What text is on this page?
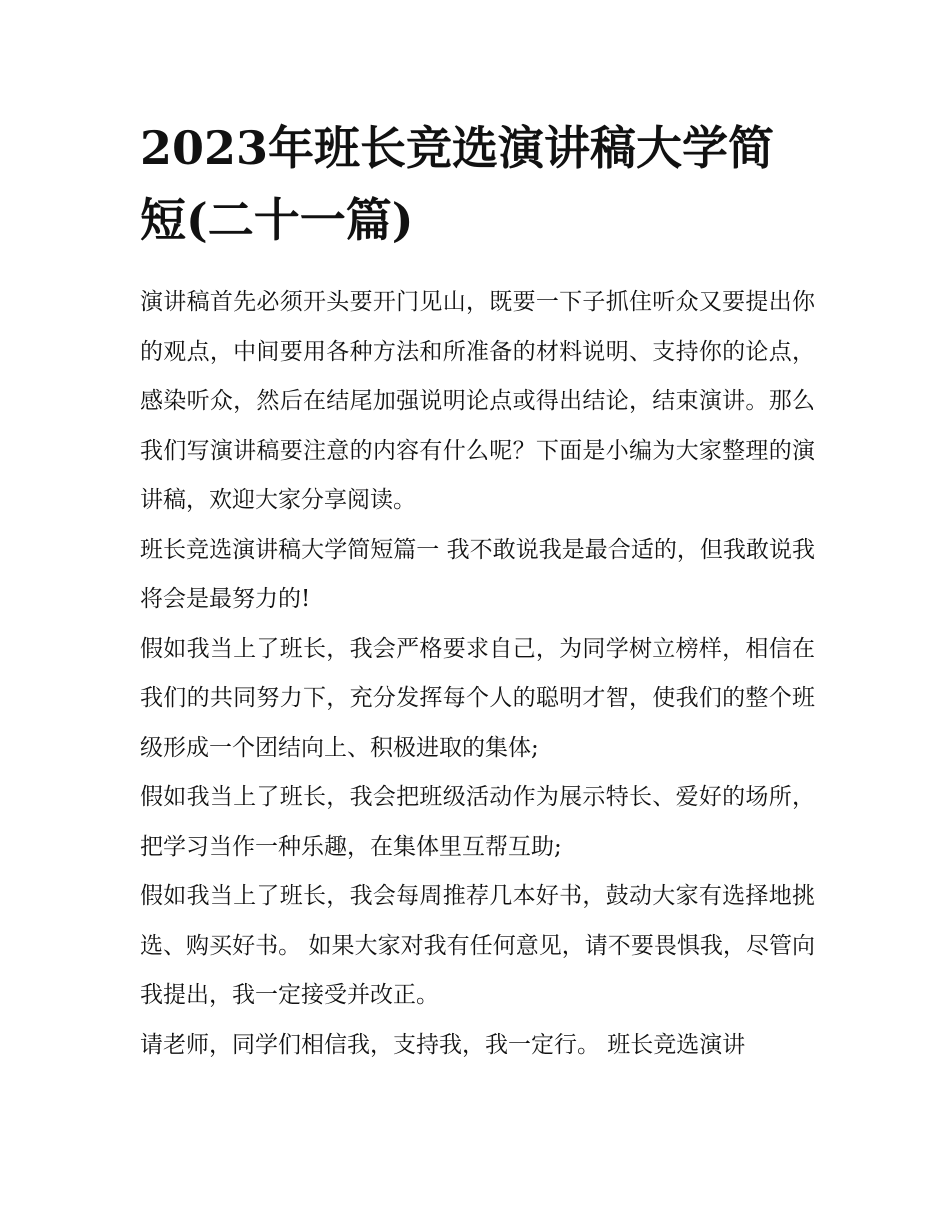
2023年班长竞选演讲稿大学简短(二十一篇)

演讲稿首先必须开头要开门见山，既要一下子抓住听众又要提出你的观点，中间要用各种方法和所准备的材料说明、支持你的论点，感染听众，然后在结尾加强说明论点或得出结论，结束演讲。那么我们写演讲稿要注意的内容有什么呢？下面是小编为大家整理的演讲稿，欢迎大家分享阅读。

班长竞选演讲稿大学简短篇一 我不敢说我是最合适的，但我敢说我将会是最努力的!

假如我当上了班长，我会严格要求自己，为同学树立榜样，相信在我们的共同努力下，充分发挥每个人的聪明才智，使我们的整个班级形成一个团结向上、积极进取的集体;

假如我当上了班长，我会把班级活动作为展示特长、爱好的场所，把学习当作一种乐趣，在集体里互帮互助;

假如我当上了班长，我会每周推荐几本好书，鼓动大家有选择地挑选、购买好书。 如果大家对我有任何意见，请不要畏惧我，尽管向我提出，我一定接受并改正。

请老师，同学们相信我，支持我，我一定行。 班长竞选演讲
